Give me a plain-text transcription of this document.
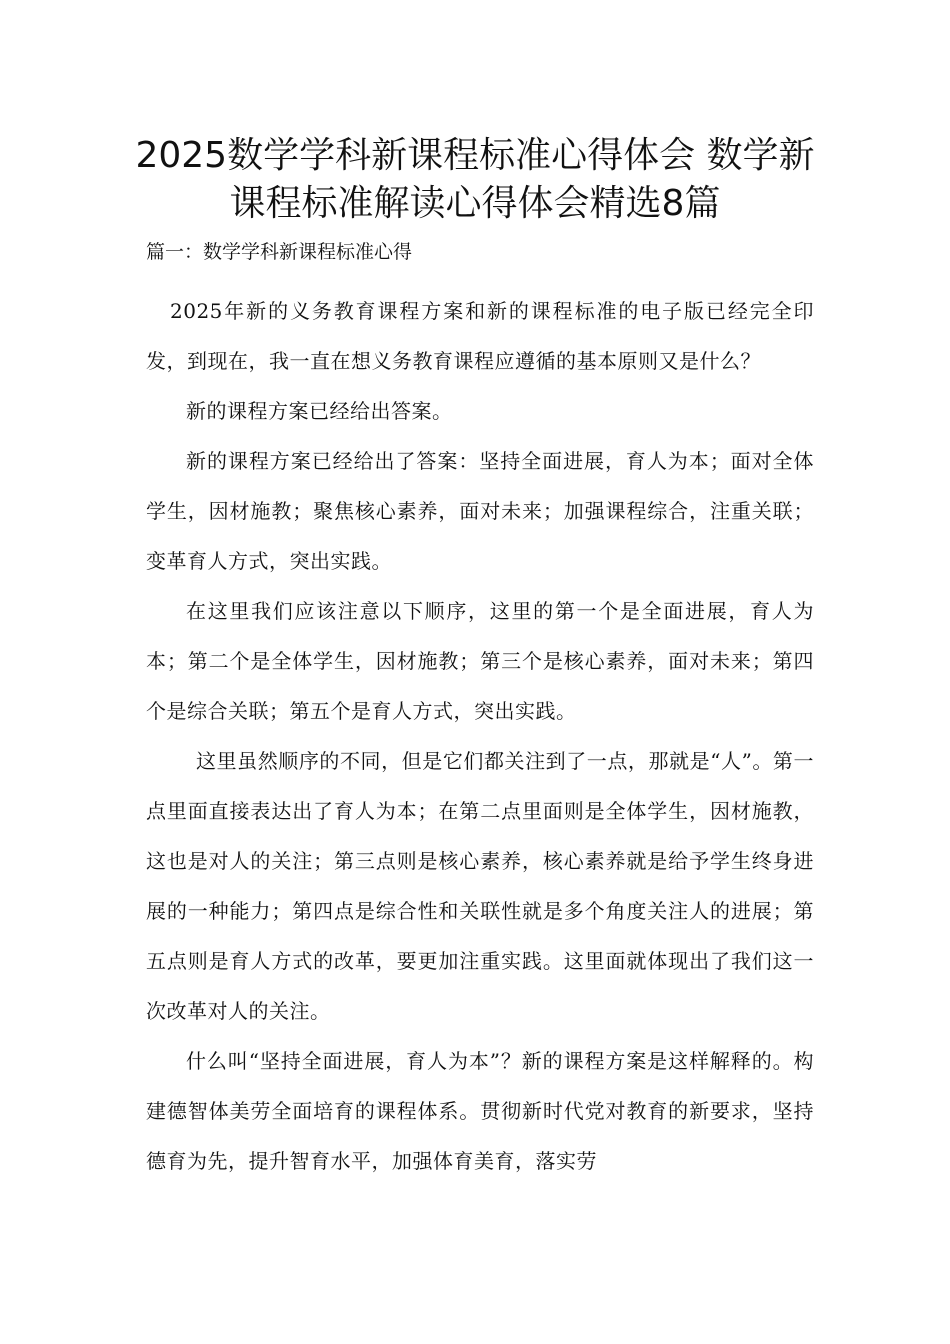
2025数学学科新课程标准心得体会 数学新课程标准解读心得体会精选8篇
篇一：数学学科新课程标准心得

2025年新的义务教育课程方案和新的课程标准的电子版已经完全印发，到现在，我一直在想义务教育课程应遵循的基本原则又是什么？

新的课程方案已经给出答案。

新的课程方案已经给出了答案：坚持全面进展，育人为本；面对全体学生，因材施教；聚焦核心素养，面对未来；加强课程综合，注重关联；变革育人方式，突出实践。

在这里我们应该注意以下顺序，这里的第一个是全面进展，育人为本；第二个是全体学生，因材施教；第三个是核心素养，面对未来；第四个是综合关联；第五个是育人方式，突出实践。

这里虽然顺序的不同，但是它们都关注到了一点，那就是“人”。第一点里面直接表达出了育人为本；在第二点里面则是全体学生，因材施教，这也是对人的关注；第三点则是核心素养，核心素养就是给予学生终身进展的一种能力；第四点是综合性和关联性就是多个角度关注人的进展；第五点则是育人方式的改革，要更加注重实践。这里面就体现出了我们这一次改革对人的关注。

什么叫“坚持全面进展，育人为本”？新的课程方案是这样解释的。构建德智体美劳全面培育的课程体系。贯彻新时代党对教育的新要求，坚持德育为先，提升智育水平，加强体育美育，落实劳
